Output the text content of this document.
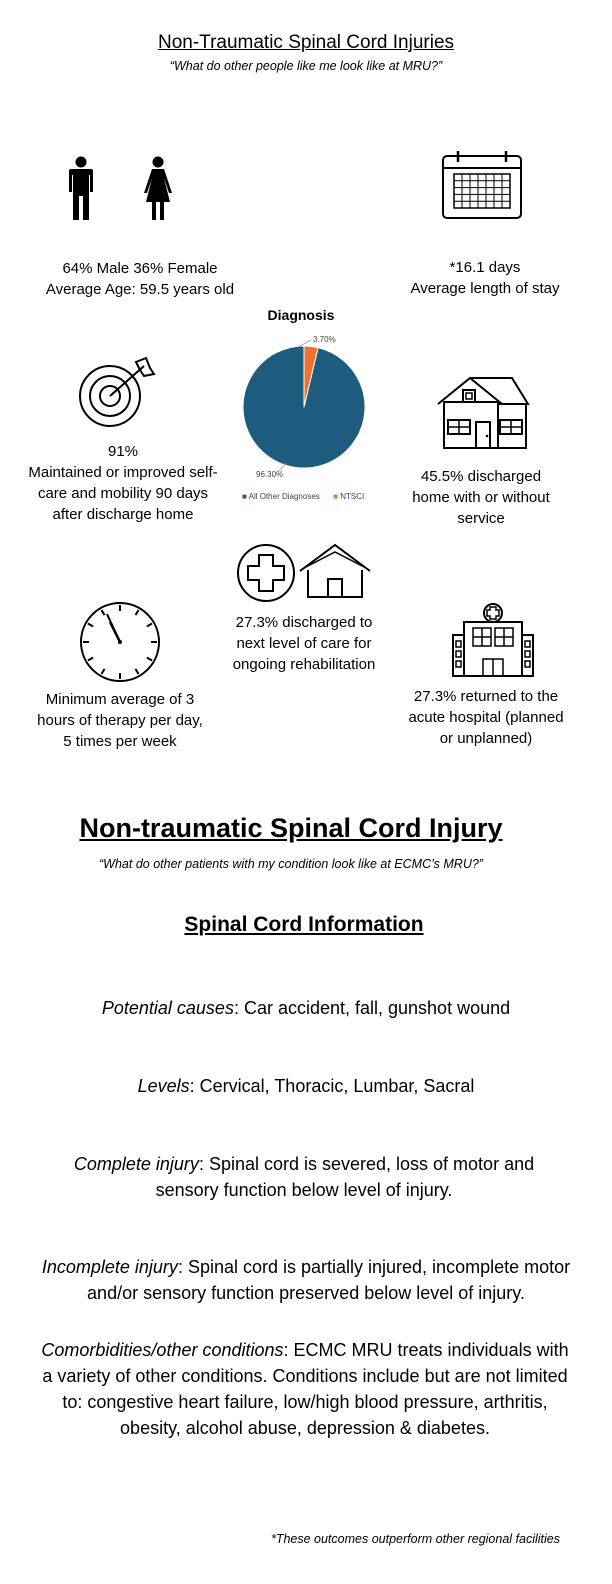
Non-Traumatic Spinal Cord Injuries
“What do other people like me look like at MRU?”
64% Male 36% Female
Average Age: 59.5 years old
*16.1 days
Average length of stay
Diagnosis
3.70%
96.30%
■ All Other Diagnoses ■ NTSCI
91%
Maintained or improved self-
care and mobility 90 days
after discharge home
45.5% discharged
home with or without
service
27.3% discharged to
next level of care for
ongoing rehabilitation
Minimum average of 3
hours of therapy per day,
5 times per week
27.3% returned to the
acute hospital (planned
or unplanned)
Non-traumatic Spinal Cord Injury
“What do other patients with my condition look like at ECMC’s MRU?”
Spinal Cord Information
Potential causes: Car accident, fall, gunshot wound
Levels: Cervical, Thoracic, Lumbar, Sacral
Complete injury: Spinal cord is severed, loss of motor and sensory function below level of injury.
Incomplete injury: Spinal cord is partially injured, incomplete motor and/or sensory function preserved below level of injury.
Comorbidities/other conditions: ECMC MRU treats individuals with a variety of other conditions. Conditions include but are not limited to: congestive heart failure, low/high blood pressure, arthritis, obesity, alcohol abuse, depression & diabetes.
*These outcomes outperform other regional facilities
